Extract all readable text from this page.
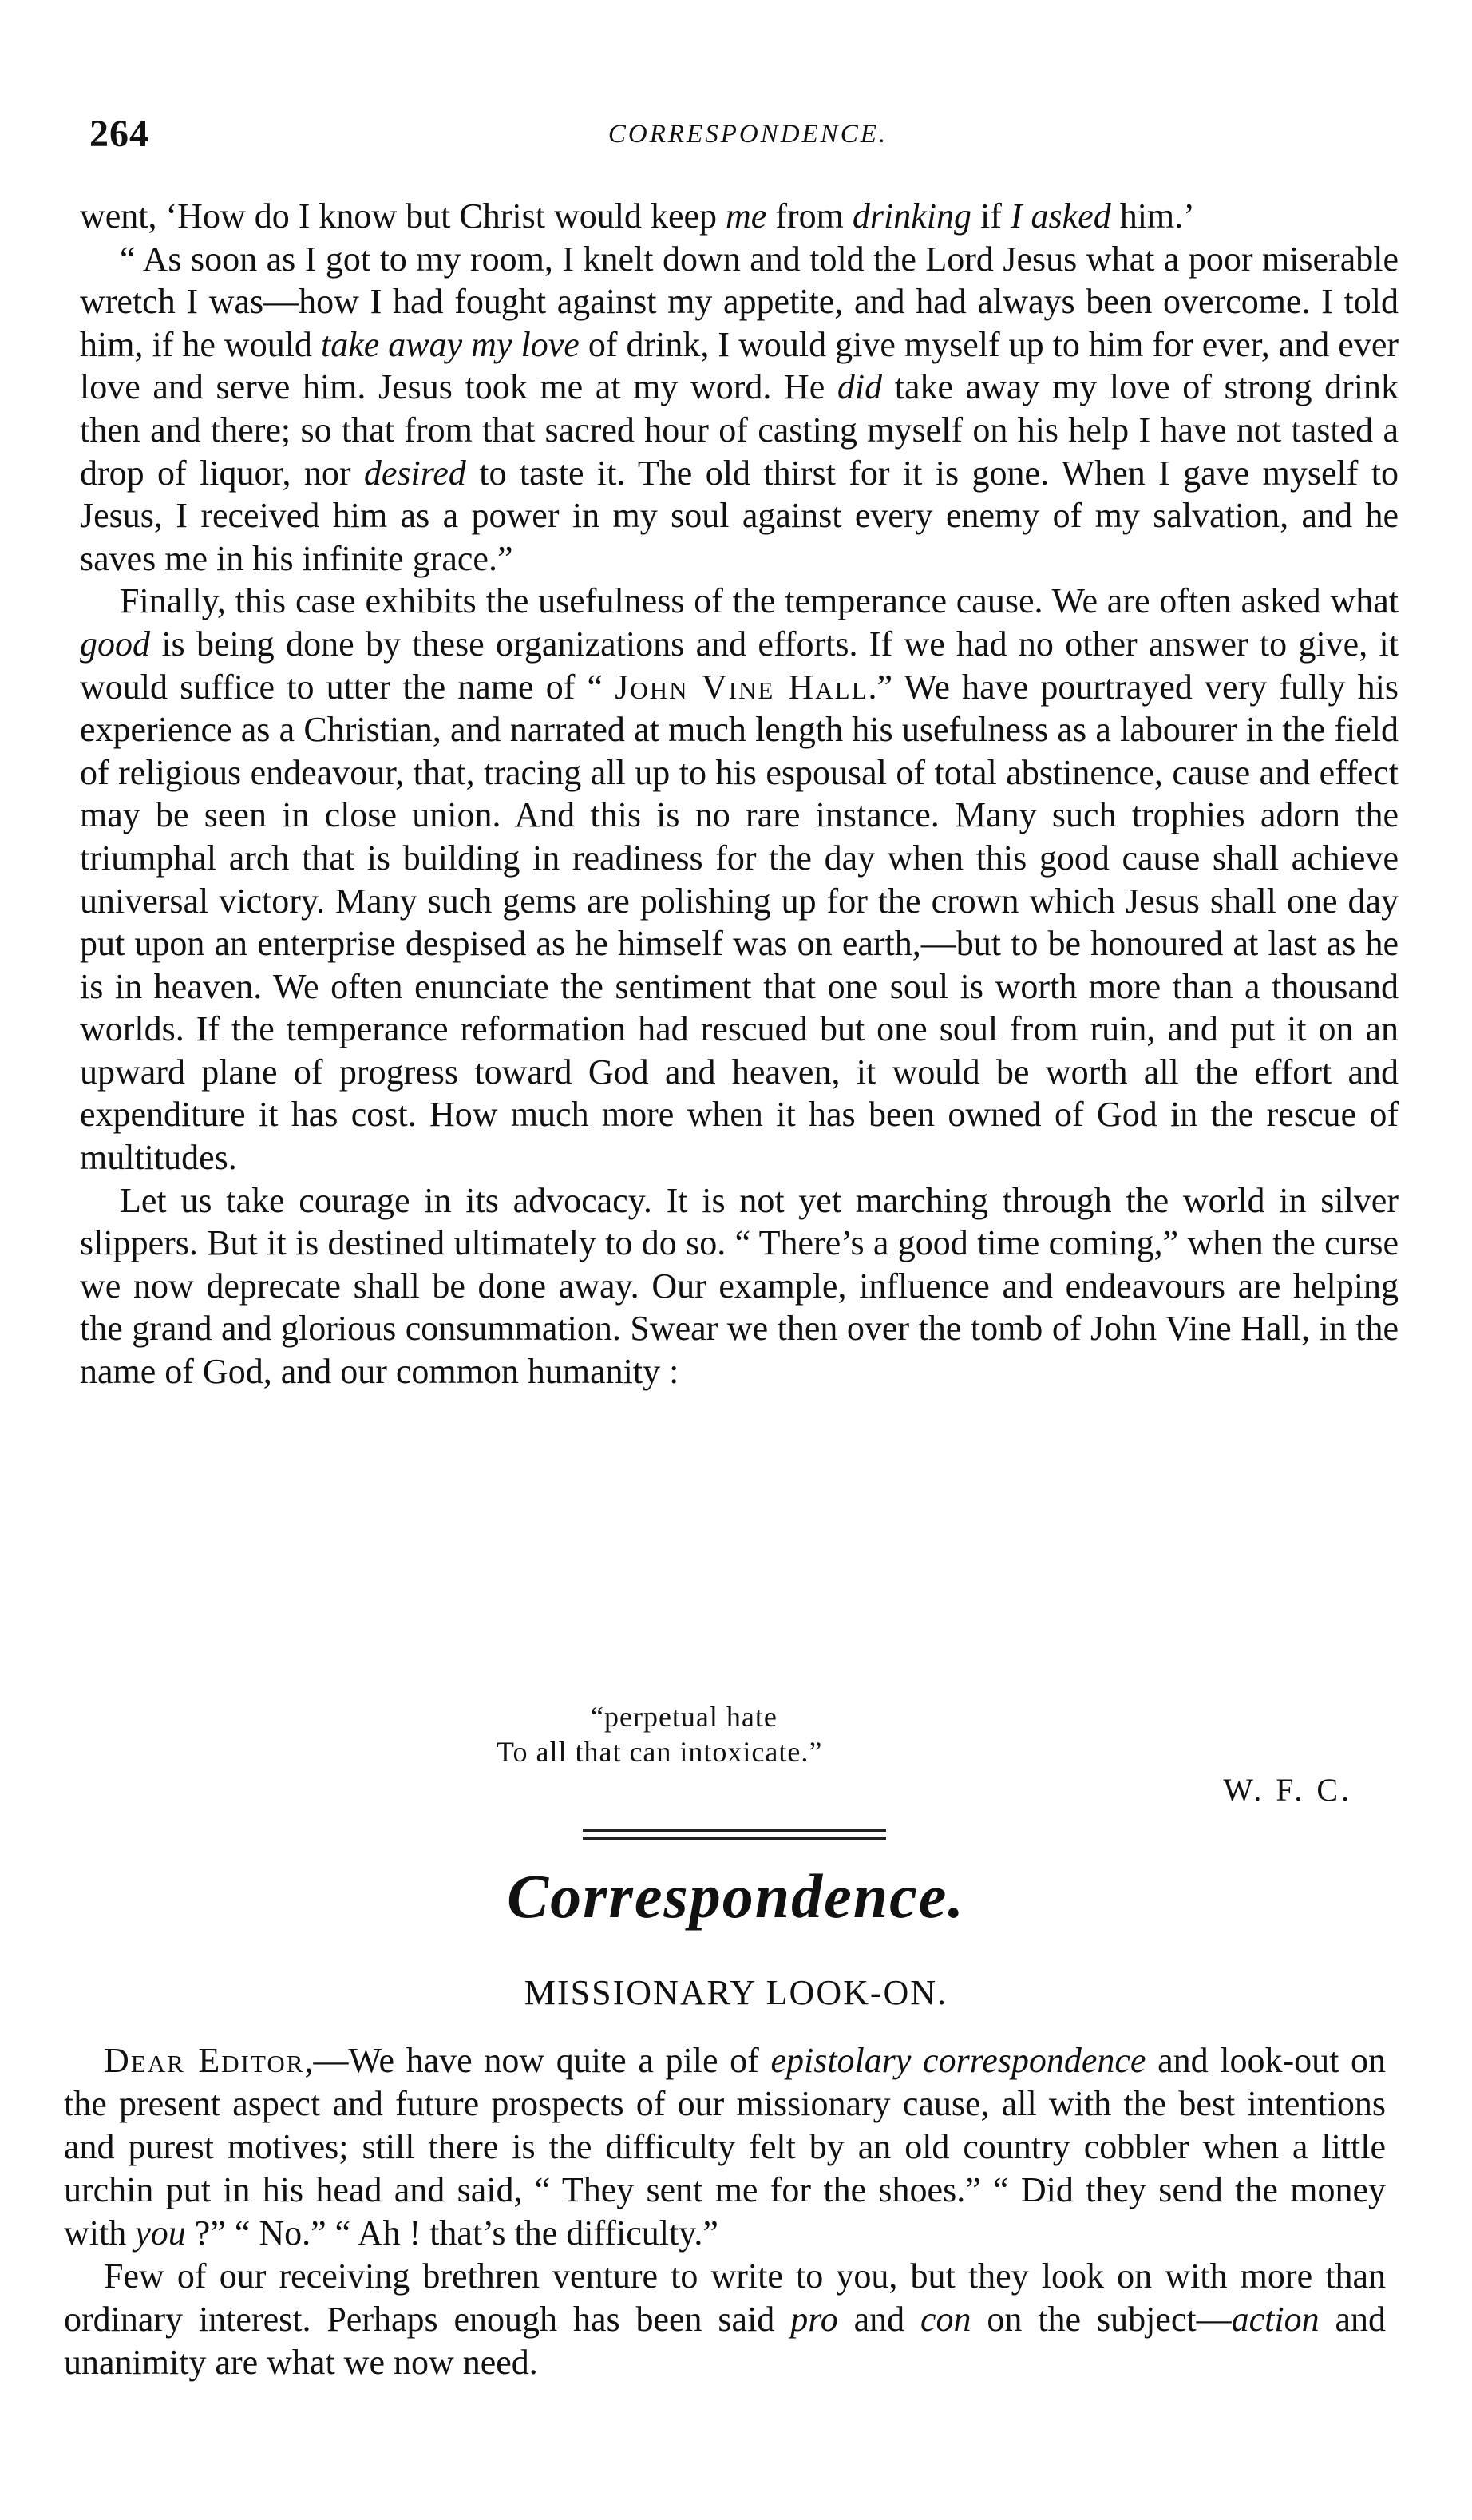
264	CORRESPONDENCE.

went, ‘How do I know but Christ would keep me from drinking if I asked him.’

“ As soon as I got to my room, I knelt down and told the Lord Jesus what a poor miserable wretch I was—how I had fought against my appetite, and had always been overcome. I told him, if he would take away my love of drink, I would give myself up to him for ever, and ever love and serve him. Jesus took me at my word. He did take away my love of strong drink then and there; so that from that sacred hour of casting myself on his help I have not tasted a drop of liquor, nor desired to taste it. The old thirst for it is gone. When I gave myself to Jesus, I received him as a power in my soul against every enemy of my salvation, and he saves me in his infinite grace.”

Finally, this case exhibits the usefulness of the temperance cause. We are often asked what good is being done by these organizations and efforts. If we had no other answer to give, it would suffice to utter the name of “ John Vine Hall.” We have pourtrayed very fully his experience as a Christian, and narrated at much length his usefulness as a labourer in the field of religious endeavour, that, tracing all up to his espousal of total abstinence, cause and effect may be seen in close union. And this is no rare instance. Many such trophies adorn the triumphal arch that is building in readiness for the day when this good cause shall achieve universal victory. Many such gems are polishing up for the crown which Jesus shall one day put upon an enterprise despised as he himself was on earth,—but to be honoured at last as he is in heaven. We often enunciate the sentiment that one soul is worth more than a thousand worlds. If the temperance reformation had rescued but one soul from ruin, and put it on an upward plane of progress toward God and heaven, it would be worth all the effort and expenditure it has cost. How much more when it has been owned of God in the rescue of multitudes.

Let us take courage in its advocacy. It is not yet marching through the world in silver slippers. But it is destined ultimately to do so. “ There’s a good time coming,” when the curse we now deprecate shall be done away. Our example, influence and endeavours are helping the grand and glorious consummation. Swear we then over the tomb of John Vine Hall, in the name of God, and our common humanity :

“perpetual hate
To all that can intoxicate.”
W. F. C.
Correspondence.
MISSIONARY LOOK-ON.

Dear Editor,—We have now quite a pile of epistolary correspondence and look-out on the present aspect and future prospects of our missionary cause, all with the best intentions and purest motives; still there is the difficulty felt by an old country cobbler when a little urchin put in his head and said, “ They sent me for the shoes.” “ Did they send the money with you ?” “ No.” “ Ah ! that’s the difficulty.”

Few of our receiving brethren venture to write to you, but they look on with more than ordinary interest. Perhaps enough has been said pro and con on the subject—action and unanimity are what we now need.
